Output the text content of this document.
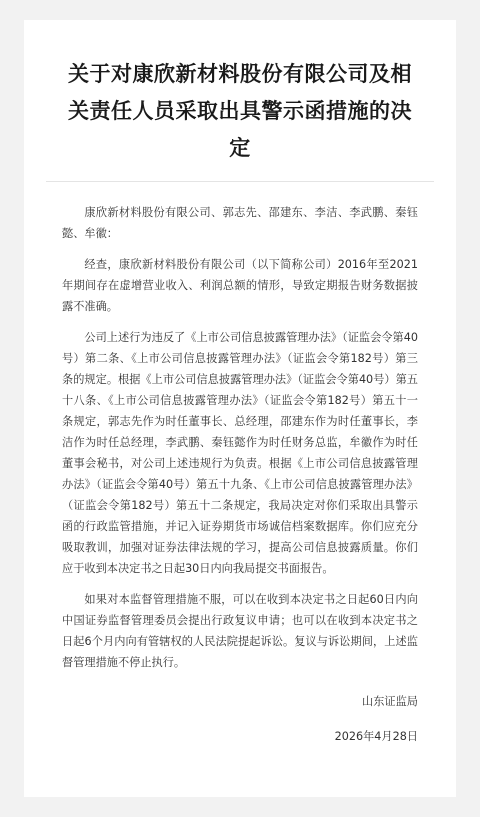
关于对康欣新材料股份有限公司及相关责任人员采取出具警示函措施的决定

康欣新材料股份有限公司、郭志先、邵建东、李洁、李武鹏、秦钰懿、牟徽：

经查，康欣新材料股份有限公司（以下简称公司）2016年至2021年期间存在虚增营业收入、利润总额的情形，导致定期报告财务数据披露不准确。

公司上述行为违反了《上市公司信息披露管理办法》（证监会令第40号）第二条、《上市公司信息披露管理办法》（证监会令第182号）第三条的规定。根据《上市公司信息披露管理办法》（证监会令第40号）第五十八条、《上市公司信息披露管理办法》（证监会令第182号）第五十一条规定，郭志先作为时任董事长、总经理，邵建东作为时任董事长，李洁作为时任总经理，李武鹏、秦钰懿作为时任财务总监，牟徽作为时任董事会秘书，对公司上述违规行为负责。根据《上市公司信息披露管理办法》（证监会令第40号）第五十九条、《上市公司信息披露管理办法》（证监会令第182号）第五十二条规定，我局决定对你们采取出具警示函的行政监管措施，并记入证券期货市场诚信档案数据库。你们应充分吸取教训，加强对证券法律法规的学习，提高公司信息披露质量。你们应于收到本决定书之日起30日内向我局提交书面报告。

如果对本监督管理措施不服，可以在收到本决定书之日起60日内向中国证券监督管理委员会提出行政复议申请；也可以在收到本决定书之日起6个月内向有管辖权的人民法院提起诉讼。复议与诉讼期间，上述监督管理措施不停止执行。

山东证监局
2026年4月28日
